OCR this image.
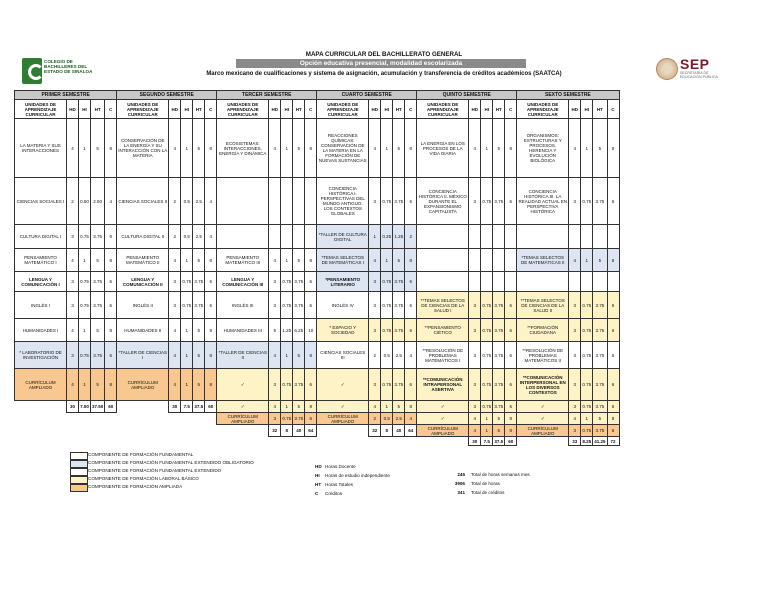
COLEGIO DE
BACHILLERES DEL
ESTADO DE SINALOA	SEP
SECRETARÍA DE
EDUCACIÓN PÚBLICA
MAPA CURRICULAR DEL BACHILLERATO GENERAL
Opción educativa presencial, modalidad escolarizada
Marco mexicano de cualificaciones y sistema de asignación, acumulación y transferencia de créditos académicos (SAATCA)
PRIMER SEMESTRE					SEGUNDO SEMESTRE					TERCER SEMESTRE					CUARTO SEMESTRE					QUINTO SEMESTRE					SEXTO SEMESTRE				
UNIDADES DE APRENDIZAJE CURRICULAR	HD	HI	HT	C	UNIDADES DE APRENDIZAJE CURRICULAR	HD	HI	HT	C	UNIDADES DE APRENDIZAJE CURRICULAR	HD	HI	HT	C	UNIDADES DE APRENDIZAJE CURRICULAR	HD	HI	HT	C	UNIDADES DE APRENDIZAJE CURRICULAR	HD	HI	HT	C	UNIDADES DE APRENDIZAJE CURRICULAR	HD	HI	HT	C
LA MATERIA Y SUS INTERACCIONES	4	1	5	8	CONSERVACIÓN DE LA ENERGÍA Y SU INTERACCIÓN CON LA MATERIA	4	1	5	8	ECOSISTEMAS: INTERACCIONES, ENERGÍA Y DINÁMICA	4	1	5	8	REACCIONES QUÍMICAS: CONSERVACIÓN DE LA MATERIA EN LA FORMACIÓN DE NUEVAS SUSTANCIAS	4	1	5	8	LA ENERGÍA EN LOS PROCESOS DE LA VIDA DIARIA	4	1	5	8	ORGANISMOS: ESTRUCTURAS Y PROCESOS. HERENCIA Y EVOLUCIÓN BIOLÓGICA	4	1	5	8
CIENCIAS SOCIALES I	2	0.50	2.50	4	CIENCIAS SOCIALES II	2	0.5	2.5	4						CONCIENCIA HISTÓRICA I. PERSPECTIVAS DEL MUNDO ANTIGUO. LOS CONTEXTOS GLOBALES	3	0.75	3.75	6	CONCIENCIA HISTÓRICA II. MÉXICO DURANTE EL EXPANSIONISMO CAPITALISTA	3	0.75	3.75	6	CONCIENCIA HISTÓRICA III. LA REALIDAD ACTUAL EN PERSPECTIVA HISTÓRICA	3	0.75	3.75	6
CULTURA DIGITAL I	3	0.75	3.75	6	CULTURA DIGITAL II	2	0.5	2.5	4						*TALLER DE CULTURA DIGITAL	1	0.25	1.25	2										
PENSAMIENTO MATEMÁTICO I	4	1	5	8	PENSAMIENTO MATEMÁTICO II	4	1	5	8	PENSAMIENTO MATEMÁTICO III	4	1	5	8	*TEMAS SELECTOS DE MATEMÁTICAS I	4	1	5	8						*TEMAS SELECTOS DE MATEMÁTICAS II	4	1	5	8
LENGUA Y COMUNICACIÓN I	3	0.75	3.75	6	LENGUA Y COMUNICACIÓN II	3	0.75	3.75	6	LENGUA Y COMUNICACIÓN III	3	0.75	3.75	6	*PENSAMIENTO LITERARIO	3	0.75	3.75	6										
INGLÉS I	3	0.75	3.75	6	INGLÉS II	3	0.75	3.75	6	INGLÉS III	3	0.75	3.75	6	INGLÉS IV	3	0.75	3.75	6	**TEMAS SELECTOS DE CIENCIAS DE LA SALUD I	3	0.75	3.75	6	**TEMAS SELECTOS DE CIENCIAS DE LA SALUD II	3	0.75	3.75	6
HUMANIDADES I	4	1	5	8	HUMANIDADES II	4	1	5	8	HUMANIDADES III	5	1.25	6.25	10	* ESPACIO Y SOCIEDAD	3	0.75	3.75	6	**PENSAMIENTO CIÉTICO	3	0.75	3.75	6	**FORMACIÓN CIUDADANA	3	0.75	3.75	6
* LABORATORIO DE INVESTIGACIÓN	3	0.75	3.75	6	*TALLER DE CIENCIAS I	4	1	5	8	*TALLER DE CIENCIAS II	4	1	5	8	CIENCIAS SOCIALES III	2	0.5	2.5	4	**RESOLUCIÓN DE PROBLEMAS MATEMÁTICOS I	3	0.75	3.75	6	**RESOLUCIÓN DE PROBLEMAS MATEMÁTICOS II	3	0.75	3.75	6
CURRÍCULUM AMPLIADO	4	1	5	8	CURRÍCULUM AMPLIADO	4	1	5	8	✓	3	0.75	3.75	6	✓	3	0.75	3.75	6	**COMUNICACIÓN INTRAPERSONAL ASERTIVA	3	0.75	3.75	6	**COMUNICACIÓN INTERPERSONAL EN LOS DIVERSOS CONTEXTOS	3	0.75	3.75	6
	30	7.50	37.50	60		30	7.5	37.5	60	✓	4	1	5	8	✓	4	1	5	8	✓	3	0.75	3.75	6	✓	3	0.75	3.75	6
										CURRÍCULUM AMPLIADO	3	0.75	3.75	6	CURRÍCULUM AMPLIADO	2	0.5	2.5	4	✓	4	1	5	8	✓	4	1	5	8
											32	8	40	64		32	8	40	64	CURRÍCULUM AMPLIADO	4	1	5	8	CURRÍCULUM AMPLIADO	3	0.75	3.75	6
																					30	7.5	37.5	60		33	8.25	41.25	72
COMPONENTE DE FORMACIÓN FUNDAMENTAL
COMPONENTE DE FORMACIÓN FUNDAMENTAL EXTENDIDO OBLIGATORIO
COMPONENTE DE FORMACIÓN FUNDAMENTAL EXTENDIDO
COMPONENTE DE FORMACIÓN LABORAL BÁSICO
COMPONENTE DE FORMACIÓN AMPLIADA
HD Horas Docente
HI Horas de estudio independiente
HT Horas Totales
C Créditos
246 Total de horas semanas mes
3906 Total de horas
341 Total de créditos
